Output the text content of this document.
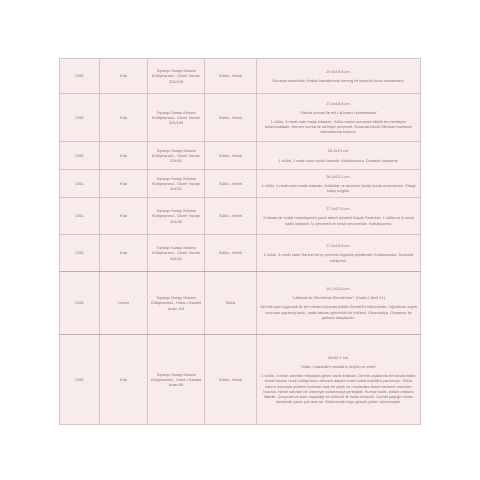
1261	Kıta	Topkapı Sarayı Müzesi Kütüphanesi - Güzel Yazılar 324/108	Sülüs - Nesih	29,3x19,6 cm.
Duvarlar hazirelidir; Kelkal harmilerinde hereng ile tezyinât bulun tamamlanır.

1261	Kıta	Topkapı Sarayı Müzesi Kütüphanesi - Güzel Yazılar 324/109	Sülüs - Nesih	27,6x18,5 cm.
"Ulemâ ümmet ile ehl-i sünnet-i ümmetteksiz"
1 sülüs, 3 nesih satır hadis kıtasıdır. Sülüs satırın sonunda hikâfe bir medalyon bulunmaktadır. Hemen kurma ile rahmiye çerçeveli. Duvarda kücük Mimhan mahkemi dekorlarında bulunur.

1261	Kıta	Topkapı Sarayı Müzesi Kütüphanesi - Güzel Yazılar 324/51	Sülüs - Nesih	26,3x19 cm.
1 sülüs, 2 nesih satır hadis kıtasıdır. Koltuksuzdur. Duvarlar bahipenir.

1261	Kıta	Topkapı Sarayı Müzesi Kütüphanesi - Güzel Yazılar 324/52	Sülüs - Nesih	26,3x20,1 cm.
1 sülüs, 4 nesih satır hadis kıtasıdır. Koltuklar ve duvarlar kücük kurdu unsurlarıdır. Ortagi kıtayı turgidir.

1261	Kıta	Topkapı Sarayı Müzesi Kütüphanesi - Güzel Yazılar 324/36	Sülüs - Nesih	27,3x27,5 cm.
3 tabme bir ecdâr muzekiyesini yazılı tatarlı içindeki Köşde Serenide, 1 sülüs ve 4 nesih hadis kıtasıdır. İç çerçeveli ve nesih çerçevelidir. Koltuksuzdur.

1261	Kıta	Topkapı Sarayı Müzesi Kütüphanesi - Güzel Yazılar 324/41	Sülüs - Nesih	27,6x19,8 cm.
1 sülüs, 3 nesih satırı Sarıkın bir iş çerevesi olgunda çeşitlendir. Koltuksuzdur. Duvarlar bahipenir.

1261	Levha	Topkapı Sarayı Müzesi Kütüphanesi - Hırka-i Saadet Arası 113	Sülüs	18,7x31,8 cm.
"Lâfkesiz'de Efendi'miz Efendi'mize'" (Hadis-i Şerif 41)
Ser'inik yazı uygunluk ile ter'i elinde Kuranda Alâttin Efendi'ler bölümünde; Oğulda bu sayfa sonunun yapılmış kurlu, hadis tabusu görüntülü bir bölümü. Okundukça, Özyaman ile şarkıdır karşılandır.

1261	Kıta	Topkapı Sarayı Müzesi Kütüphanesi - Hırka-i Saadet Arası 86	Sülüs - Nesih	30x50,7 cm.
"Kitâb-ı Nasıhâtî'n esâdât'ın düş'ün ve edeb"
1 sülüs, 4 nesih satırdan meydana gelen hadis kıtasıdır. Derelli oryabında bir tabula hattın kemiri kesine nesih kütüphanın zümresi dayani renkli kübat tesbitleri yazılmıştır. Sülüs satırın sonunda yüzlemi bulunan ufak bir çiçek ve rumilerden ibaret bezeme varından bulunur. Nesih satırları bir zümreyle kullanmaya yerleşiktir. Kurma hadis, bölüm ortalara iliştirilir. Çerçeveli ve kurtı dayanağı bir bölümü ile hadis kıtasıdır. Gurbet yaşlığın birası içerişinde yazılı çok anık bir. Bölümünde köşe gerçek yolları tutunmuştur.
